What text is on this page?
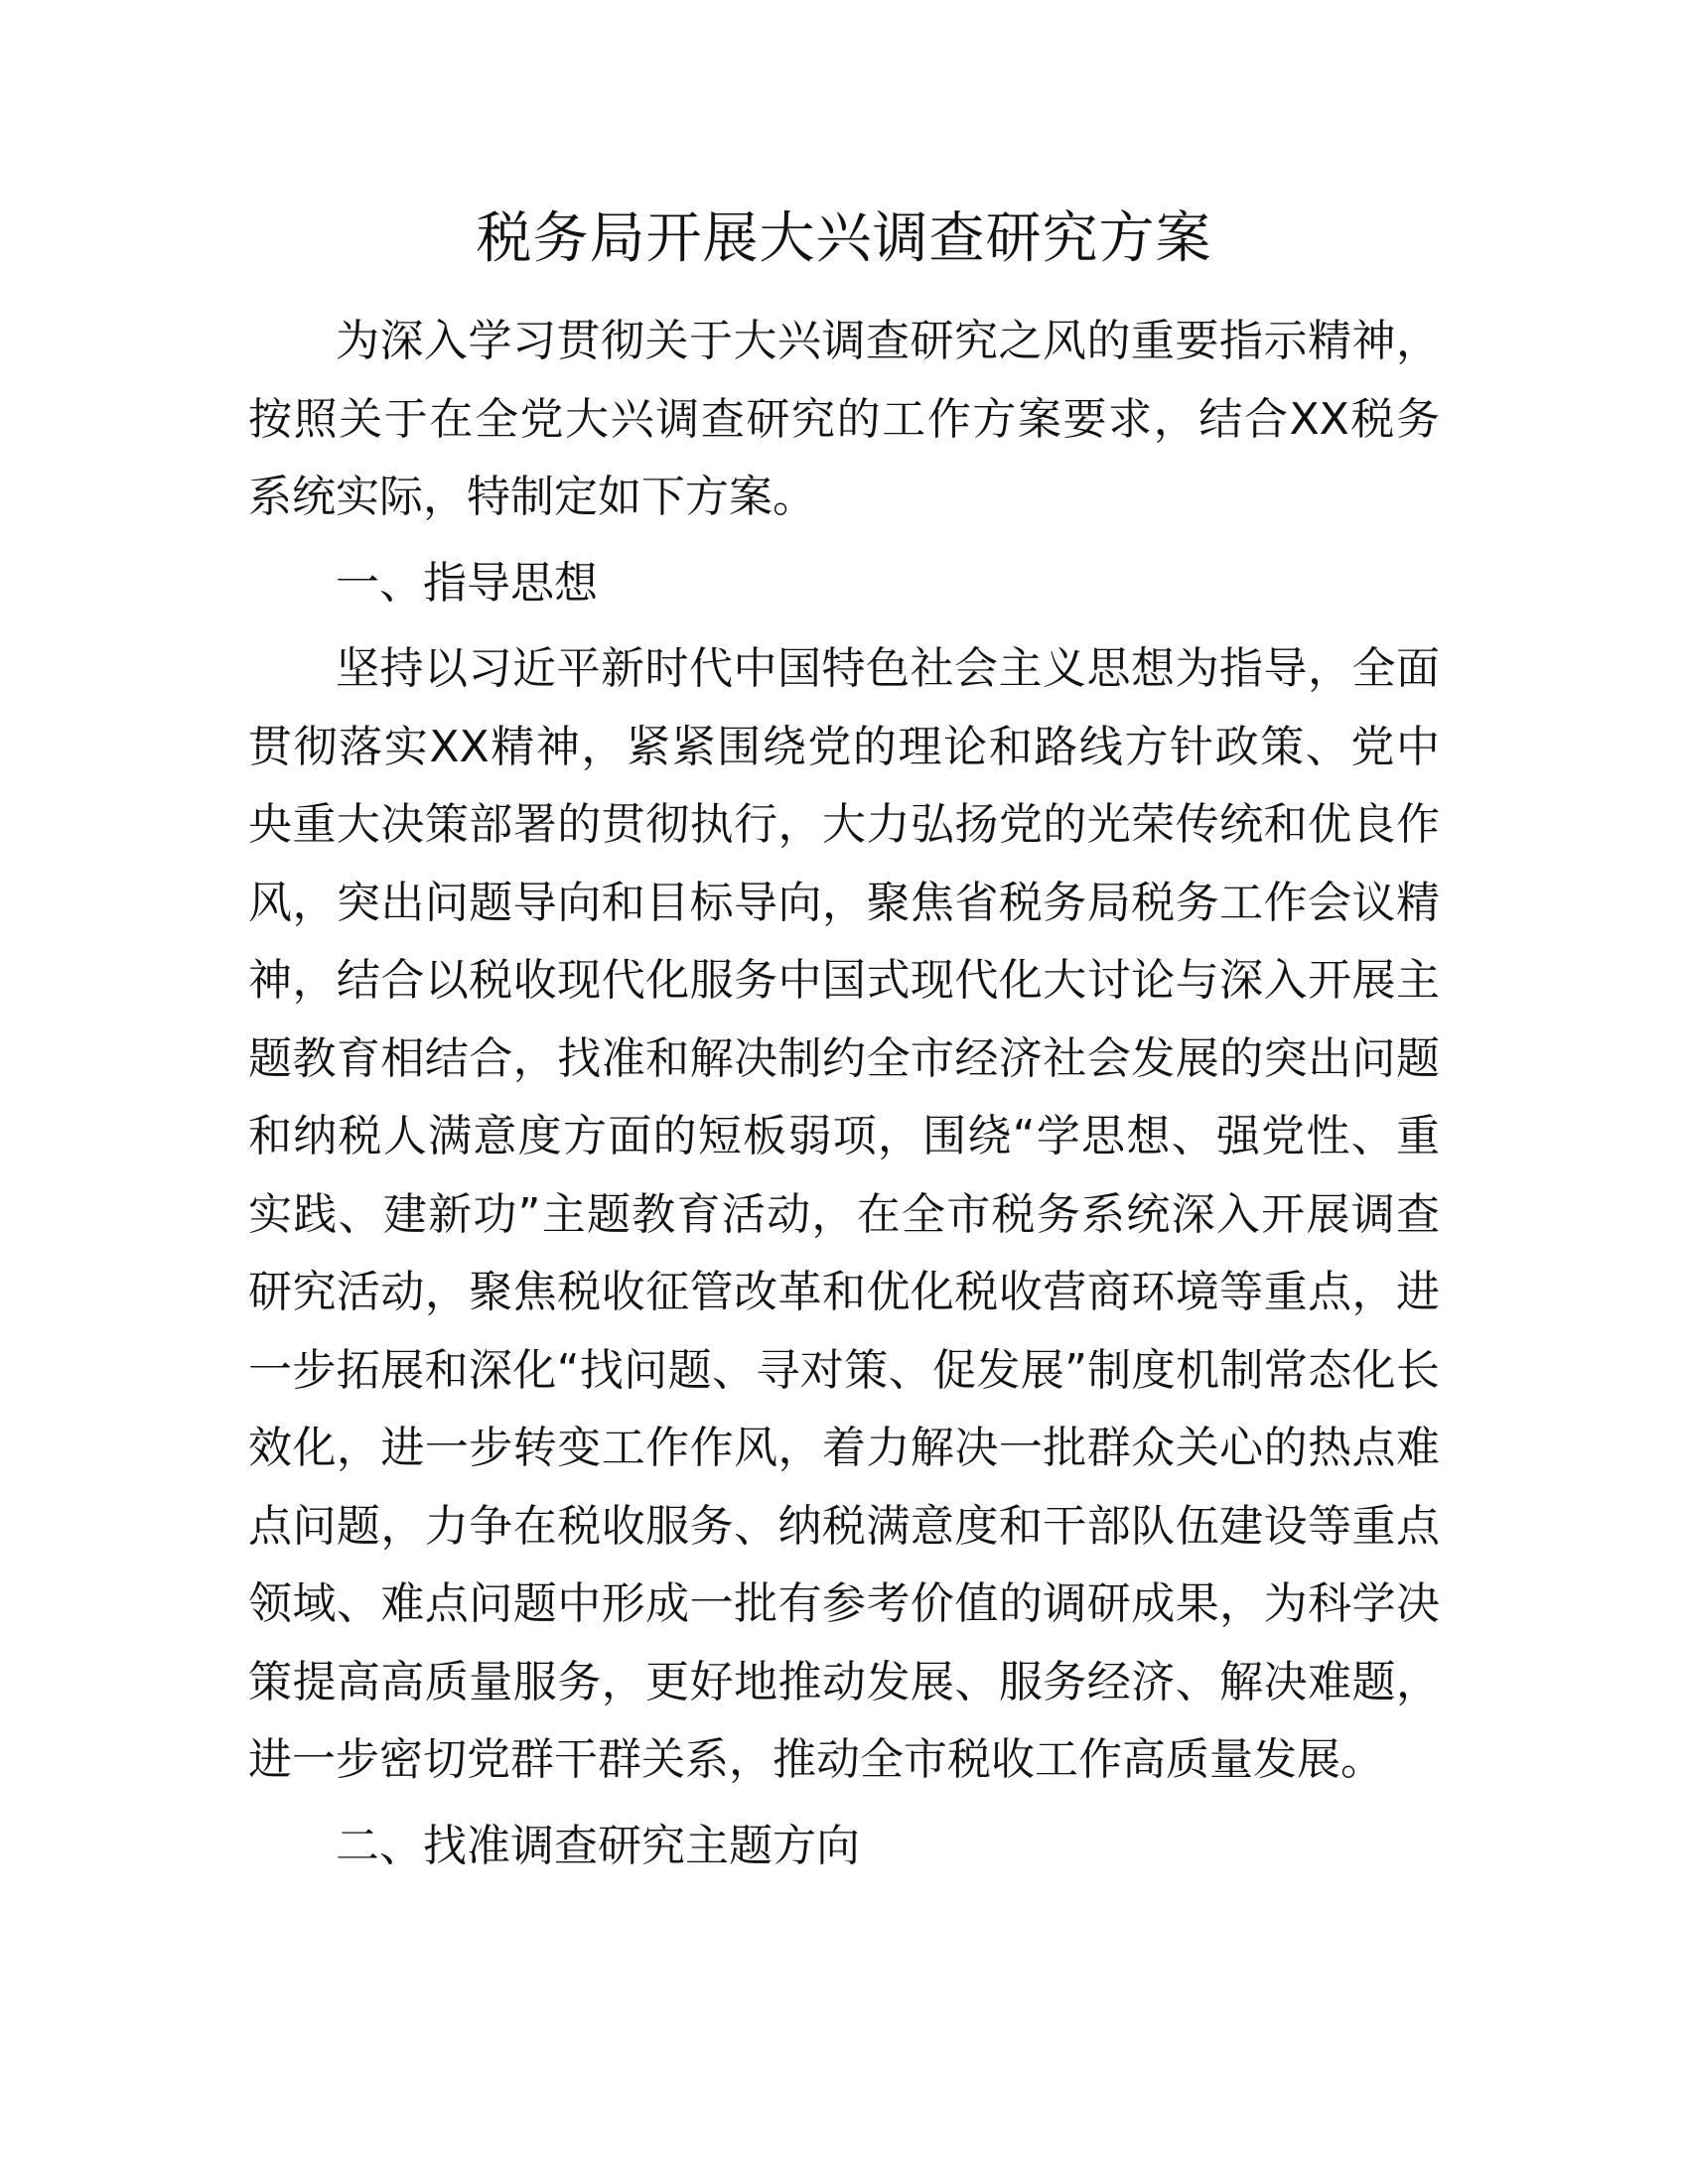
税务局开展大兴调查研究方案

为深入学习贯彻关于大兴调查研究之风的重要指示精神，按照关于在全党大兴调查研究的工作方案要求，结合XX税务系统实际，特制定如下方案。

一、指导思想

坚持以习近平新时代中国特色社会主义思想为指导，全面贯彻落实XX精神，紧紧围绕党的理论和路线方针政策、党中央重大决策部署的贯彻执行，大力弘扬党的光荣传统和优良作风，突出问题导向和目标导向，聚焦省税务局税务工作会议精神，结合以税收现代化服务中国式现代化大讨论与深入开展主题教育相结合，找准和解决制约全市经济社会发展的突出问题和纳税人满意度方面的短板弱项，围绕“学思想、强党性、重实践、建新功”主题教育活动，在全市税务系统深入开展调查研究活动，聚焦税收征管改革和优化税收营商环境等重点，进一步拓展和深化“找问题、寻对策、促发展”制度机制常态化长效化，进一步转变工作作风，着力解决一批群众关心的热点难点问题，力争在税收服务、纳税满意度和干部队伍建设等重点领域、难点问题中形成一批有参考价值的调研成果，为科学决策提高高质量服务，更好地推动发展、服务经济、解决难题，进一步密切党群干群关系，推动全市税收工作高质量发展。

二、找准调查研究主题方向
